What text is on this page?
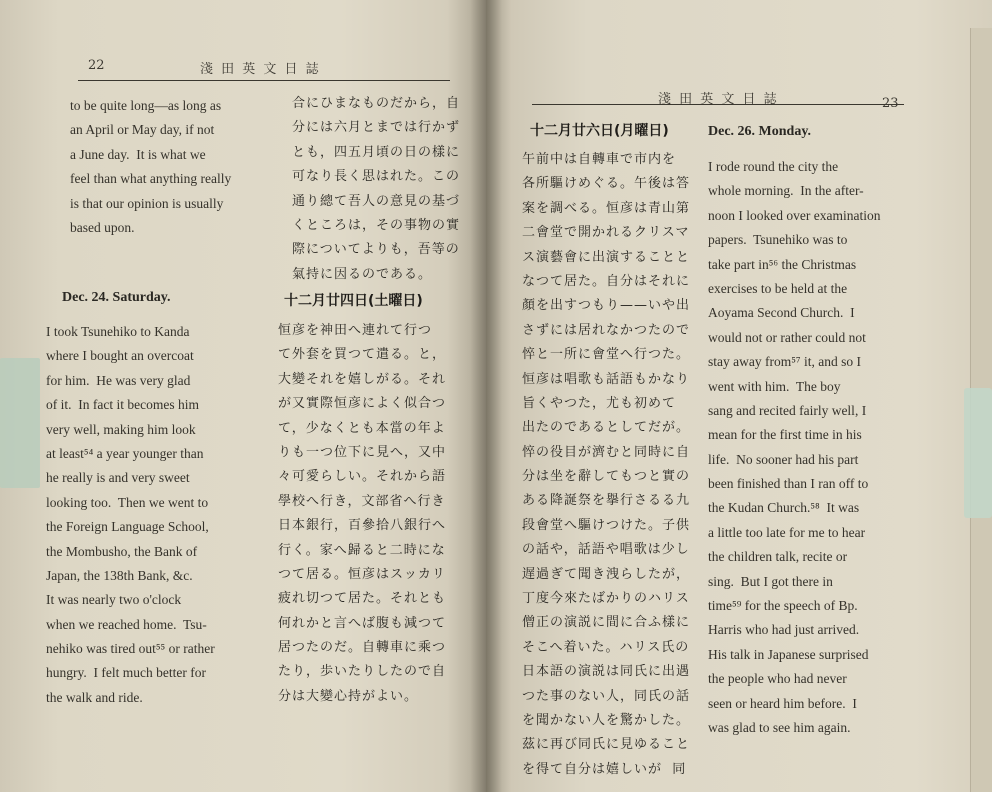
22	淺 田 英 文 日 誌
to be quite long—as long as
an April or May day, if not
a June day.  It is what we
feel than what anything really
is that our opinion is usually
based upon.
合にひまなものだから，自
分には六月とまでは行かず
とも，四五月頃の日の樣に
可なり長く思はれた。この
通り總て吾人の意見の基づ
くところは，その事物の實
際についてよりも，吾等の
氣持に因るのである。
Dec. 24. Saturday.	十二月廿四日(土曜日)
I took Tsunehiko to Kanda
where I bought an overcoat
for him.  He was very glad
of it.  In fact it becomes him
very well, making him look
at least⁵⁴ a year younger than
he really is and very sweet
looking too.  Then we went to
the Foreign Language School,
the Mombusho, the Bank of
Japan, the 138th Bank, &c.
It was nearly two o'clock
when we reached home.  Tsu-
nehiko was tired out⁵⁵ or rather
hungry.  I felt much better for
the walk and ride.
恒彦を神田へ連れて行つ
て外套を買つて遣る。と，
大變それを嬉しがる。それ
が又實際恒彦によく似合つ
て，少なくとも本當の年よ
りも一つ位下に見へ，又中
々可愛らしい。それから語
學校へ行き，文部省へ行き
日本銀行，百參拾八銀行へ
行く。家へ歸ると二時にな
つて居る。恒彦はスッカリ
疲れ切つて居た。それとも
何れかと言へば腹も減つて
居つたのだ。自轉車に乘つ
たり，歩いたりしたので自
分は大變心持がよい。
淺 田 英 文 日 誌	23
十二月廿六日(月曜日)	Dec. 26. Monday.
午前中は自轉車で市内を
各所驅けめぐる。午後は答
案を調べる。恒彦は青山第
二會堂で開かれるクリスマ
ス演藝會に出演することと
なつて居た。自分はそれに
顏を出すつもり——いや出
さずには居れなかつたので
悴と一所に會堂へ行つた。
恒彦は唱歌も話語もかなり
旨くやつた，尤も初めて
出たのであるとしてだが。
悴の役目が濟むと同時に自
分は坐を辭してもつと實の
ある降誕祭を擧行さるる九
段會堂へ驅けつけた。子供
の話や，話語や唱歌は少し
遅過ぎて聞き洩らしたが，
丁度今來たばかりのハリス
僧正の演説に間に合ふ樣に
そこへ着いた。ハリス氏の
日本語の演説は同氏に出遇
つた事のない人，同氏の話
を聞かない人を驚かした。
茲に再び同氏に見ゆること
を得て自分は嬉しいが  同
I rode round the city the
whole morning.  In the after-
noon I looked over examination
papers.  Tsunehiko was to
take part in⁵⁶ the Christmas
exercises to be held at the
Aoyama Second Church.  I
would not or rather could not
stay away from⁵⁷ it, and so I
went with him.  The boy
sang and recited fairly well, I
mean for the first time in his
life.  No sooner had his part
been finished than I ran off to
the Kudan Church.⁵⁸  It was
a little too late for me to hear
the children talk, recite or
sing.  But I got there in
time⁵⁹ for the speech of Bp.
Harris who had just arrived.
His talk in Japanese surprised
the people who had never
seen or heard him before.  I
was glad to see him again.
